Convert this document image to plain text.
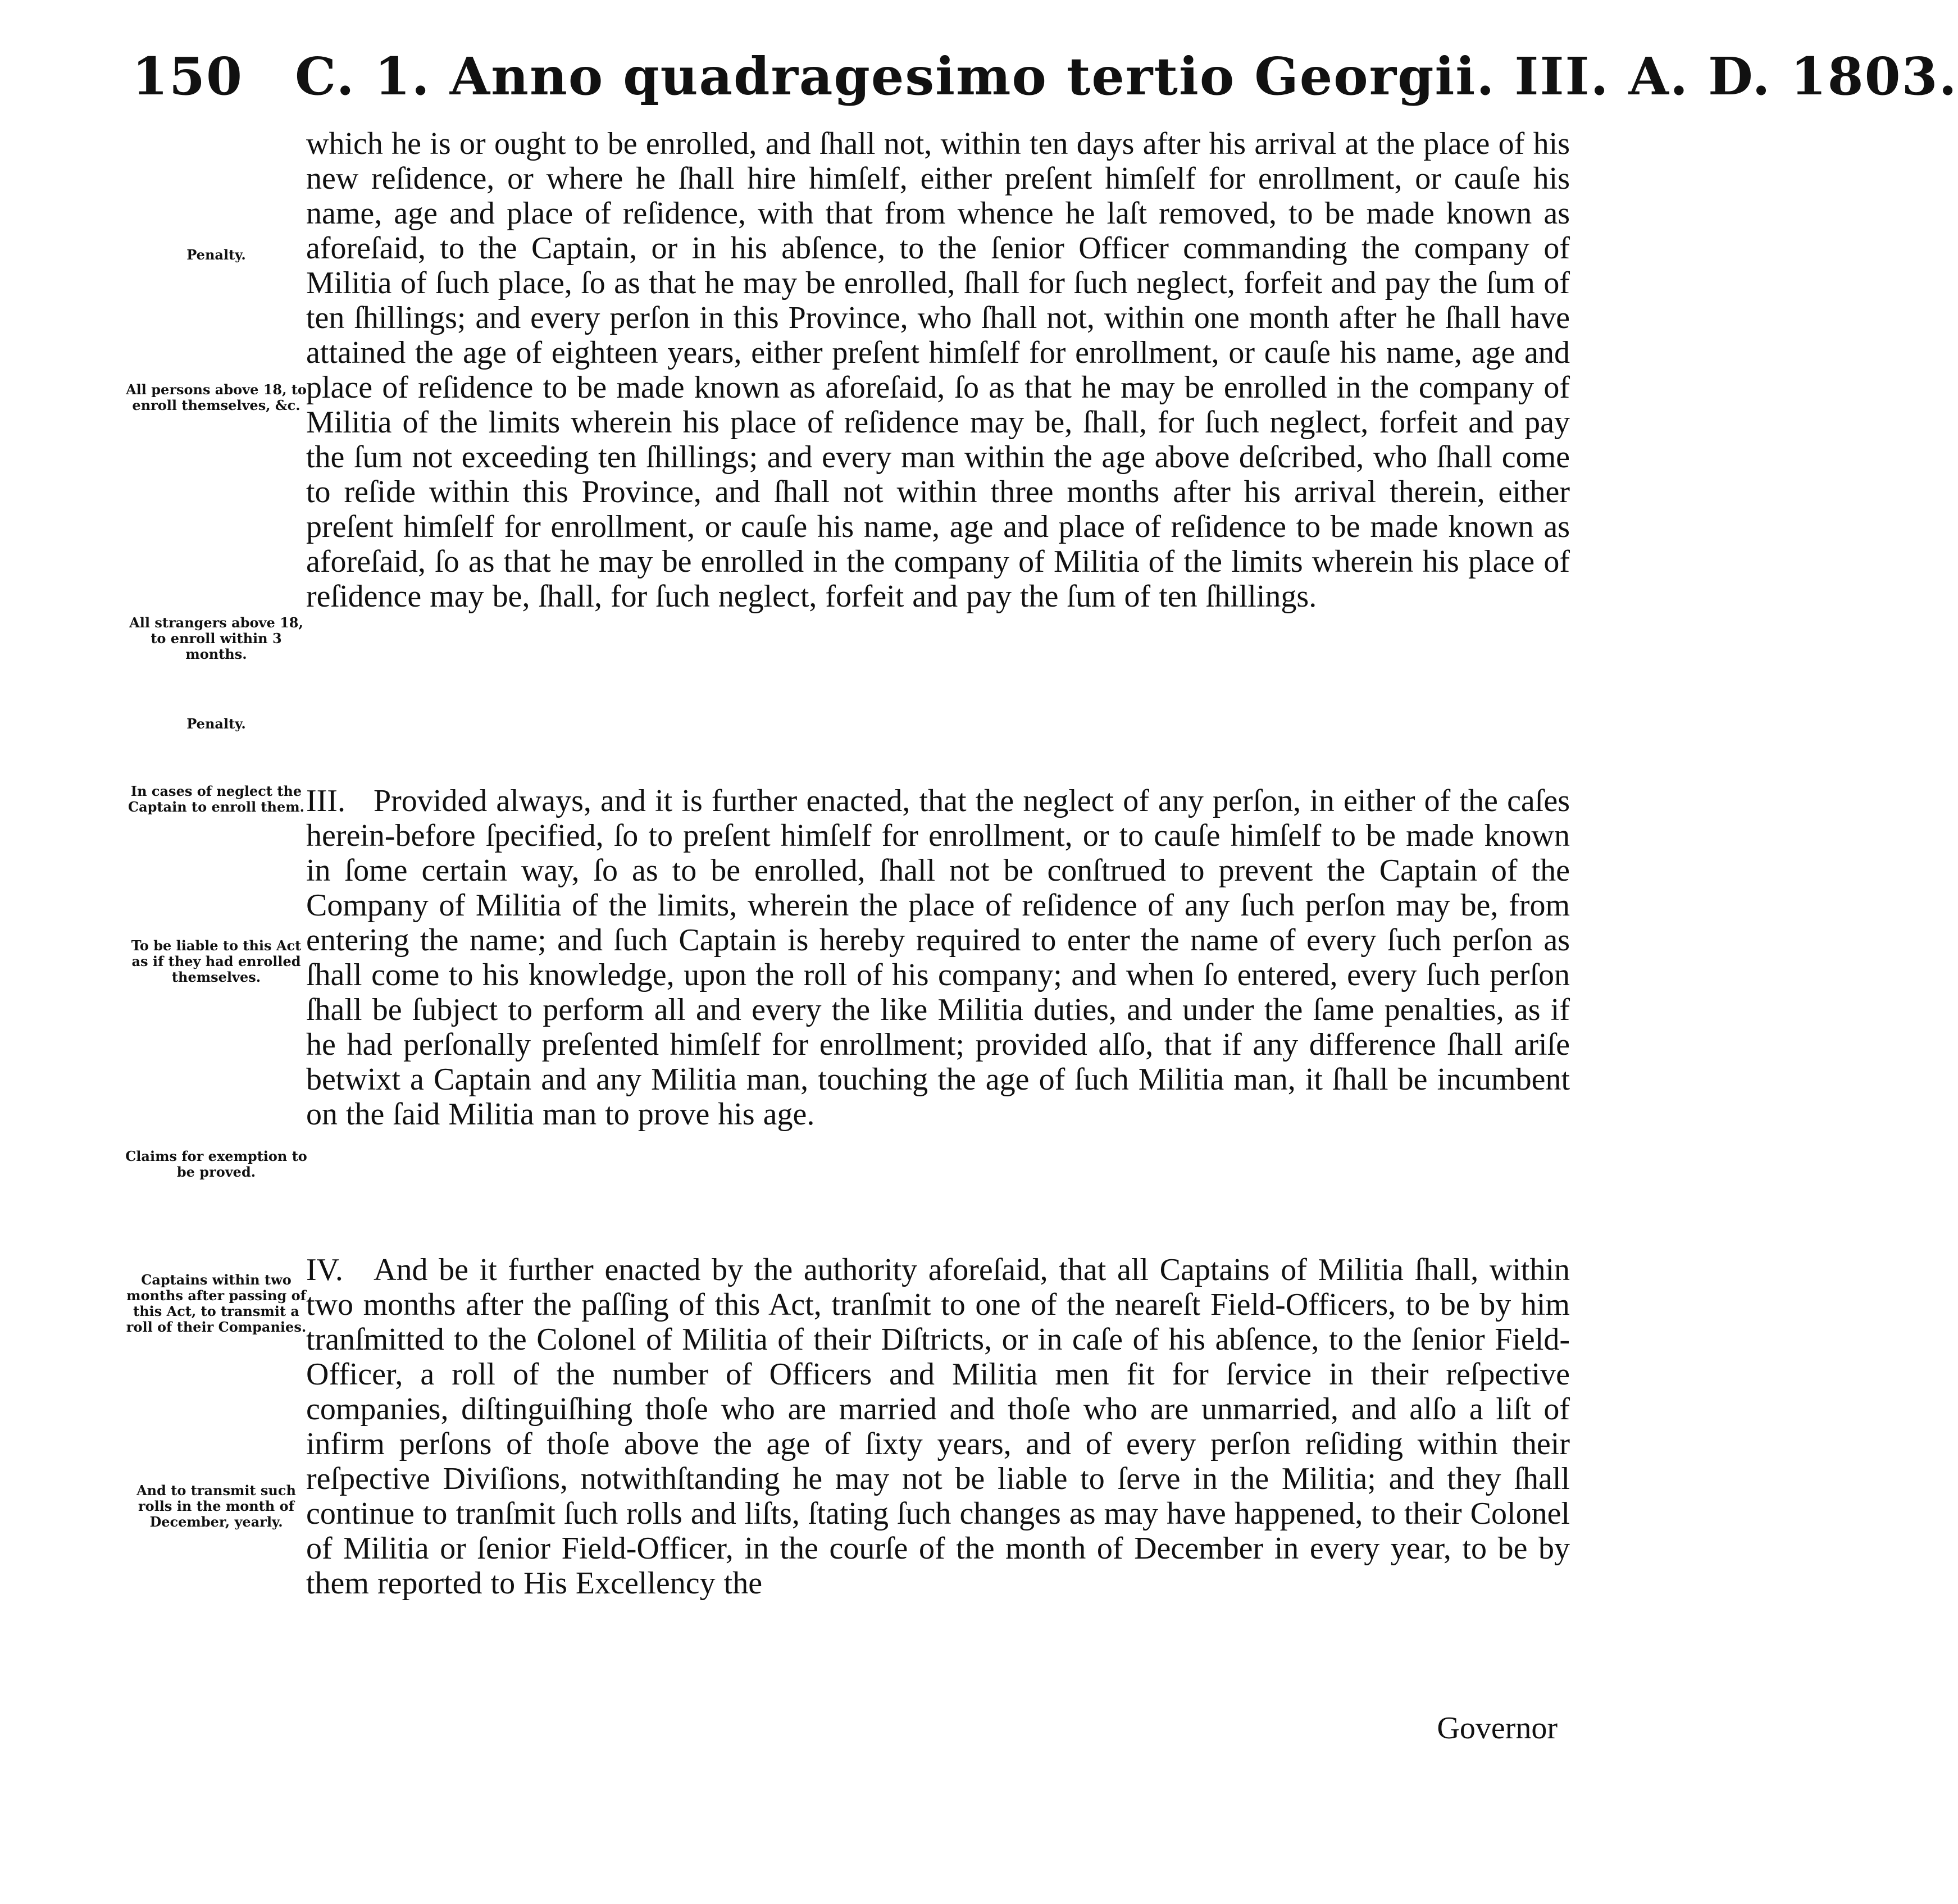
150 C. 1. Anno quadragesimo tertio Georgii. III. A. D. 1803.
Penalty.
All persons above 18, to enroll themselves, &c.
All strangers above 18, to enroll within 3 months.
Penalty.
In cases of neglect the Captain to enroll them.
To be liable to this Act as if they had enrolled themselves.
Claims for exemption to be proved.
Captains within two months after passing of this Act, to transmit a roll of their Companies.
And to transmit such rolls in the month of December, yearly.
which he is or ought to be enrolled, and ſhall not, within ten days after his arrival at the place of his new reſidence, or where he ſhall hire himſelf, either preſent himſelf for enrollment, or cauſe his name, age and place of reſidence, with that from whence he laſt removed, to be made known as aforeſaid, to the Captain, or in his abſence, to the ſenior Officer commanding the company of Militia of ſuch place, ſo as that he may be enrolled, ſhall for ſuch neglect, forfeit and pay the ſum of ten ſhillings; and every perſon in this Province, who ſhall not, within one month after he ſhall have attained the age of eighteen years, either preſent himſelf for enrollment, or cauſe his name, age and place of reſidence to be made known as aforeſaid, ſo as that he may be enrolled in the company of Militia of the limits wherein his place of reſidence may be, ſhall, for ſuch neglect, forfeit and pay the ſum not exceeding ten ſhillings; and every man within the age above deſcribed, who ſhall come to reſide within this Province, and ſhall not within three months after his arrival therein, either preſent himſelf for enrollment, or cauſe his name, age and place of reſidence to be made known as aforeſaid, ſo as that he may be enrolled in the company of Militia of the limits wherein his place of reſidence may be, ſhall, for ſuch neglect, forfeit and pay the ſum of ten ſhillings.
III. Provided always, and it is further enacted, that the neglect of any perſon, in either of the caſes herein-before ſpecified, ſo to preſent himſelf for enrollment, or to cauſe himſelf to be made known in ſome certain way, ſo as to be enrolled, ſhall not be conſtrued to prevent the Captain of the Company of Militia of the limits, wherein the place of reſidence of any ſuch perſon may be, from entering the name; and ſuch Captain is hereby required to enter the name of every ſuch perſon as ſhall come to his knowledge, upon the roll of his company; and when ſo entered, every ſuch perſon ſhall be ſubject to perform all and every the like Militia duties, and under the ſame penalties, as if he had perſonally preſented himſelf for enrollment; provided alſo, that if any difference ſhall ariſe betwixt a Captain and any Militia man, touching the age of ſuch Militia man, it ſhall be incumbent on the ſaid Militia man to prove his age.
IV. And be it further enacted by the authority aforeſaid, that all Captains of Militia ſhall, within two months after the paſſing of this Act, tranſmit to one of the neareſt Field-Officers, to be by him tranſmitted to the Colonel of Militia of their Diſtricts, or in caſe of his abſence, to the ſenior Field-Officer, a roll of the number of Officers and Militia men fit for ſervice in their reſpective companies, diſtinguiſhing thoſe who are married and thoſe who are unmarried, and alſo a liſt of infirm perſons of thoſe above the age of ſixty years, and of every perſon reſiding within their reſpective Diviſions, notwithſtanding he may not be liable to ſerve in the Militia; and they ſhall continue to tranſmit ſuch rolls and liſts, ſtating ſuch changes as may have happened, to their Colonel of Militia or ſenior Field-Officer, in the courſe of the month of December in every year, to be by them reported to His Excellency the
Governor
